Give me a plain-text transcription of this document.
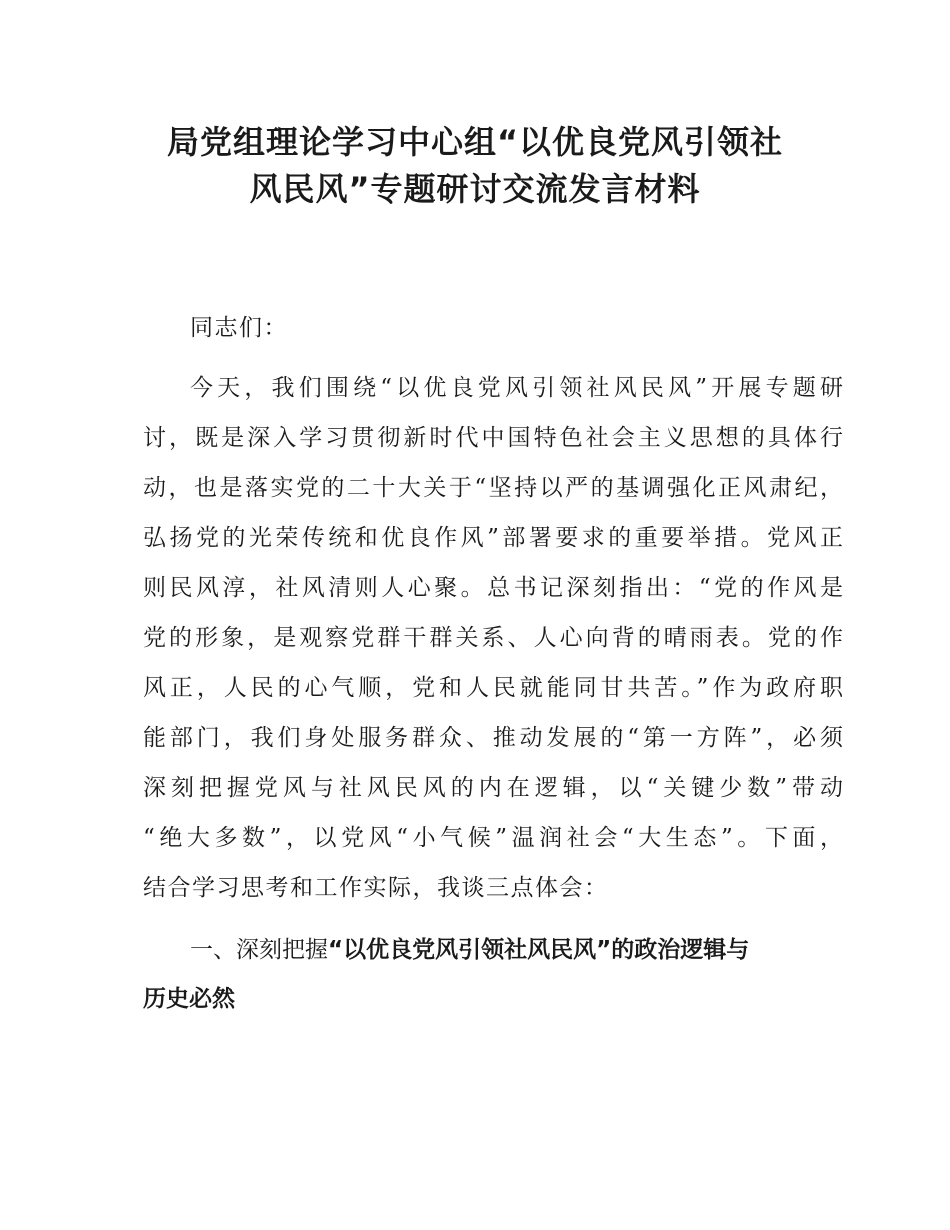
局党组理论学习中心组“以优良党风引领社
风民风”专题研讨交流发言材料

同志们：

今天，我们围绕“以优良党风引领社风民风”开展专题研

讨，既是深入学习贯彻新时代中国特色社会主义思想的具体行

动，也是落实党的二十大关于“坚持以严的基调强化正风肃纪，

弘扬党的光荣传统和优良作风”部署要求的重要举措。党风正

则民风淳，社风清则人心聚。总书记深刻指出：“党的作风是

党的形象，是观察党群干群关系、人心向背的晴雨表。党的作

风正，人民的心气顺，党和人民就能同甘共苦。”作为政府职

能部门，我们身处服务群众、推动发展的“第一方阵”，必须

深刻把握党风与社风民风的内在逻辑，以“关键少数”带动

“绝大多数”，以党风“小气候”温润社会“大生态”。下面，

结合学习思考和工作实际，我谈三点体会：

一、深刻把握“以优良党风引领社风民风”的政治逻辑与

历史必然
